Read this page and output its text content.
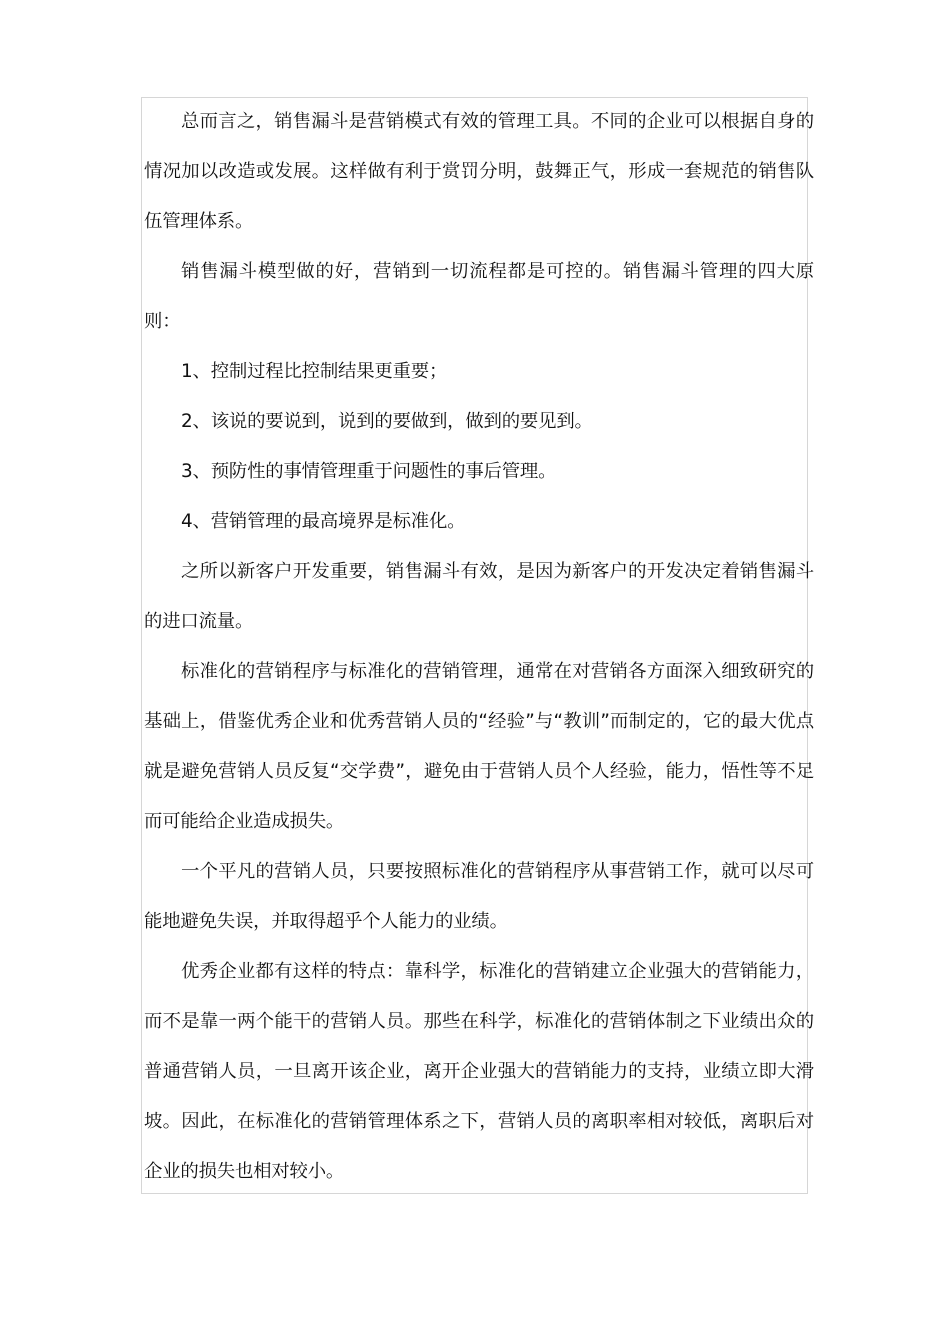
总而言之，销售漏斗是营销模式有效的管理工具。不同的企业可以根据自身的情况加以改造或发展。这样做有利于赏罚分明，鼓舞正气，形成一套规范的销售队伍管理体系。

销售漏斗模型做的好，营销到一切流程都是可控的。销售漏斗管理的四大原则：

1、控制过程比控制结果更重要；

2、该说的要说到，说到的要做到，做到的要见到。

3、预防性的事情管理重于问题性的事后管理。

4、营销管理的最高境界是标准化。

之所以新客户开发重要，销售漏斗有效，是因为新客户的开发决定着销售漏斗的进口流量。

标准化的营销程序与标准化的营销管理，通常在对营销各方面深入细致研究的基础上，借鉴优秀企业和优秀营销人员的“经验”与“教训”而制定的，它的最大优点就是避免营销人员反复“交学费”，避免由于营销人员个人经验，能力，悟性等不足而可能给企业造成损失。

一个平凡的营销人员，只要按照标准化的营销程序从事营销工作，就可以尽可能地避免失误，并取得超乎个人能力的业绩。

优秀企业都有这样的特点：靠科学，标准化的营销建立企业强大的营销能力，而不是靠一两个能干的营销人员。那些在科学，标准化的营销体制之下业绩出众的普通营销人员，一旦离开该企业，离开企业强大的营销能力的支持，业绩立即大滑坡。因此，在标准化的营销管理体系之下，营销人员的离职率相对较低，离职后对企业的损失也相对较小。
